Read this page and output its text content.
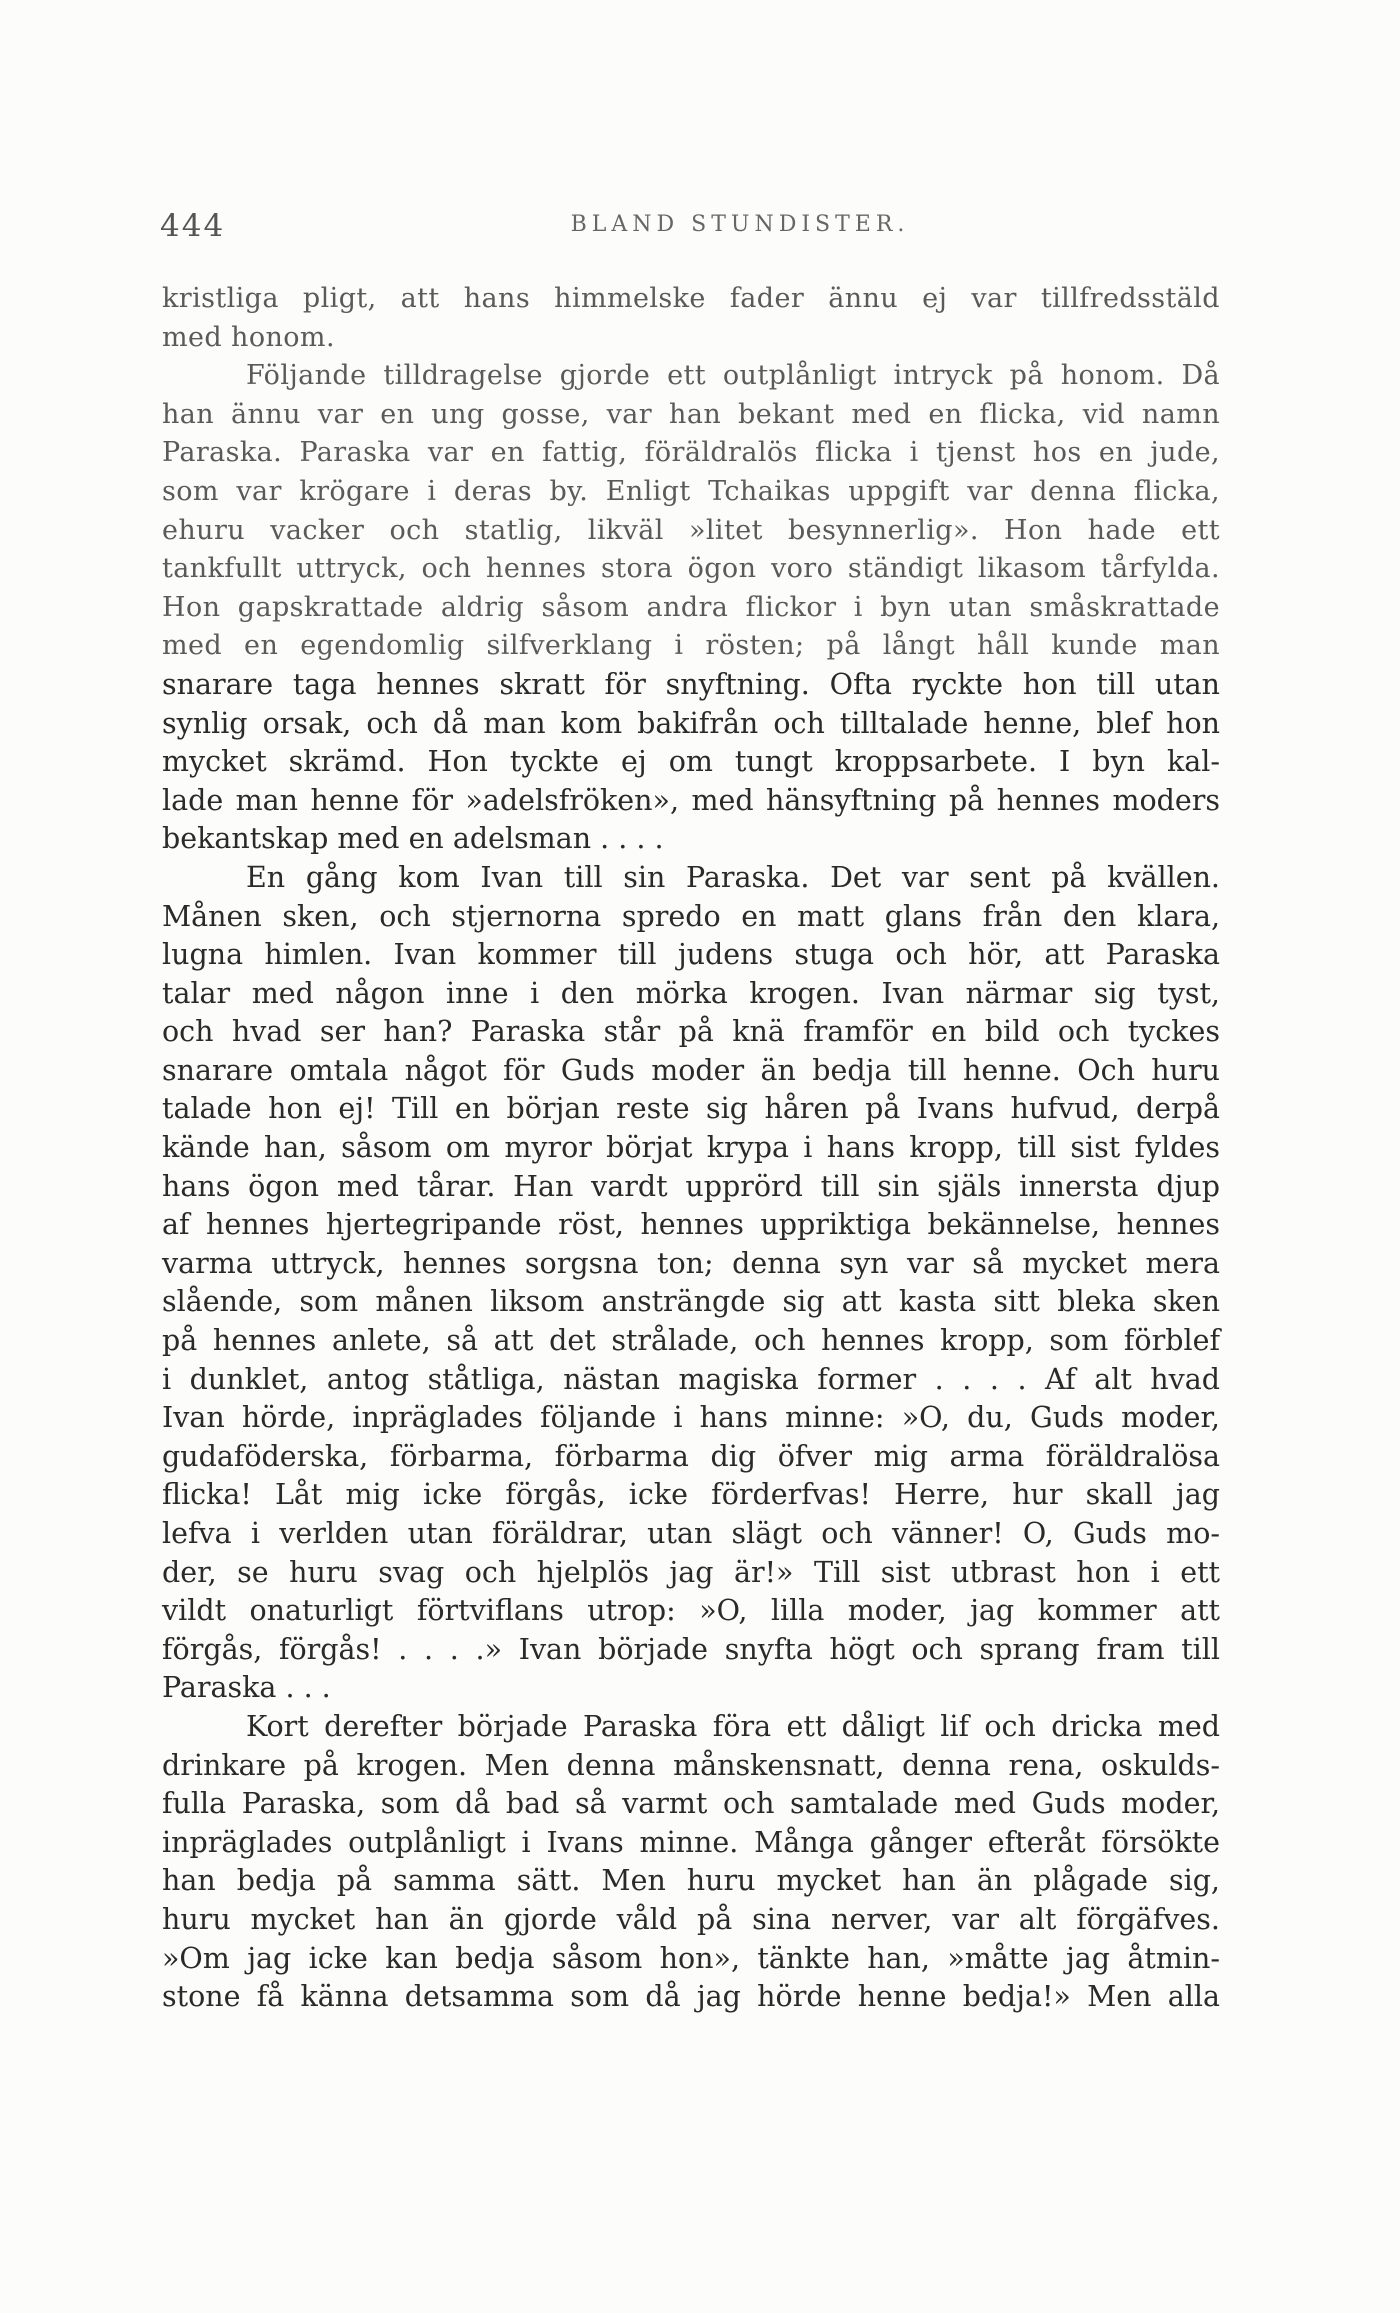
444	BLAND STUNDISTER.
kristliga pligt, att hans himmelske fader ännu ej var tillfredsstäld
med honom.
Följande tilldragelse gjorde ett outplånligt intryck på honom. Då
han ännu var en ung gosse, var han bekant med en flicka, vid namn
Paraska. Paraska var en fattig, föräldralös flicka i tjenst hos en jude,
som var krögare i deras by. Enligt Tchaikas uppgift var denna flicka,
ehuru vacker och statlig, likväl »litet besynnerlig». Hon hade ett
tankfullt uttryck, och hennes stora ögon voro ständigt likasom tårfylda.
Hon gapskrattade aldrig såsom andra flickor i byn utan småskrattade
med en egendomlig silfverklang i rösten; på långt håll kunde man
snarare taga hennes skratt för snyftning. Ofta ryckte hon till utan
synlig orsak, och då man kom bakifrån och tilltalade henne, blef hon
mycket skrämd. Hon tyckte ej om tungt kroppsarbete. I byn kal-
lade man henne för »adelsfröken», med hänsyftning på hennes moders
bekantskap med en adelsman . . . .
En gång kom Ivan till sin Paraska. Det var sent på kvällen.
Månen sken, och stjernorna spredo en matt glans från den klara,
lugna himlen. Ivan kommer till judens stuga och hör, att Paraska
talar med någon inne i den mörka krogen. Ivan närmar sig tyst,
och hvad ser han? Paraska står på knä framför en bild och tyckes
snarare omtala något för Guds moder än bedja till henne. Och huru
talade hon ej! Till en början reste sig håren på Ivans hufvud, derpå
kände han, såsom om myror börjat krypa i hans kropp, till sist fyldes
hans ögon med tårar. Han vardt upprörd till sin själs innersta djup
af hennes hjertegripande röst, hennes uppriktiga bekännelse, hennes
varma uttryck, hennes sorgsna ton; denna syn var så mycket mera
slående, som månen liksom ansträngde sig att kasta sitt bleka sken
på hennes anlete, så att det strålade, och hennes kropp, som förblef
i dunklet, antog ståtliga, nästan magiska former . . . . Af alt hvad
Ivan hörde, inpräglades följande i hans minne: »O, du, Guds moder,
gudaföderska, förbarma, förbarma dig öfver mig arma föräldralösa
flicka! Låt mig icke förgås, icke förderfvas! Herre, hur skall jag
lefva i verlden utan föräldrar, utan slägt och vänner! O, Guds mo-
der, se huru svag och hjelplös jag är!» Till sist utbrast hon i ett
vildt onaturligt förtviflans utrop: »O, lilla moder, jag kommer att
förgås, förgås! . . . .» Ivan började snyfta högt och sprang fram till
Paraska . . .
Kort derefter började Paraska föra ett dåligt lif och dricka med
drinkare på krogen. Men denna månskensnatt, denna rena, oskulds-
fulla Paraska, som då bad så varmt och samtalade med Guds moder,
inpräglades outplånligt i Ivans minne. Många gånger efteråt försökte
han bedja på samma sätt. Men huru mycket han än plågade sig,
huru mycket han än gjorde våld på sina nerver, var alt förgäfves.
»Om jag icke kan bedja såsom hon», tänkte han, »måtte jag åtmin-
stone få känna detsamma som då jag hörde henne bedja!» Men alla
